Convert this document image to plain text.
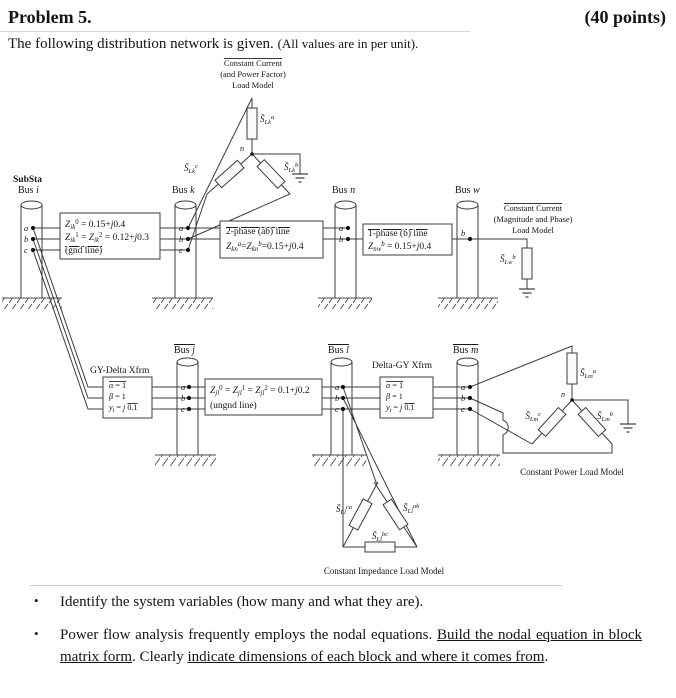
Problem 5.	(40 points)
The following distribution network is given. (All values are in per unit).
SubSta
Bus i	Bus k	Bus n	Bus w
Bus j	Bus l	Bus m
a
b
c
a
b
c
a
b
b
a
b
c
a
b
c
a
b
c
Constant Current
(and Power Factor)
Load Model
Constant Current
(Magnitude and Phase)
Load Model
$S̄_{Lk}^a$
$S̄_{Lk}^b$
$S̄_{Lk}^c$
$S̄_{Lw}^b$
$S̄_{Lm}^a$
$S̄_{Lm}^b$
$S̄_{Lm}^c$
$S̄_{Ll}^{ca}$	$S̄_{Ll}^{ab}$
$S̄_{Ll}^{bc}$
n
n
$Z_{ik}^0 = 0.15+j0.4$
$Z_{ik}^1 = Z_{ik}^2 = 0.12+j0.3$
(gnd line)
2-phase (ab) line
$Z_{kn}^a=Z_{kn}^b=0.15+j0.4$
1-phase (b) line
$Z_{nw}^b = 0.15+j0.4$
$Z_{jl}^0 = Z_{jl}^1 = Z_{jl}^2 = 0.1+j0.2$
(ungnd line)
GY-Delta Xfrm	Delta-GY Xfrm
α = 1
β = 1
$y_t = j$ 0.1
α = 1
β = 1
$y_t = j$ 0.1
Constant Power Load Model
Constant Impedance Load Model
•	Identify the system variables (how many and what they are).
•	Power flow analysis frequently employs the nodal equations. Build the nodal equation in block matrix form. Clearly indicate dimensions of each block and where it comes from.
